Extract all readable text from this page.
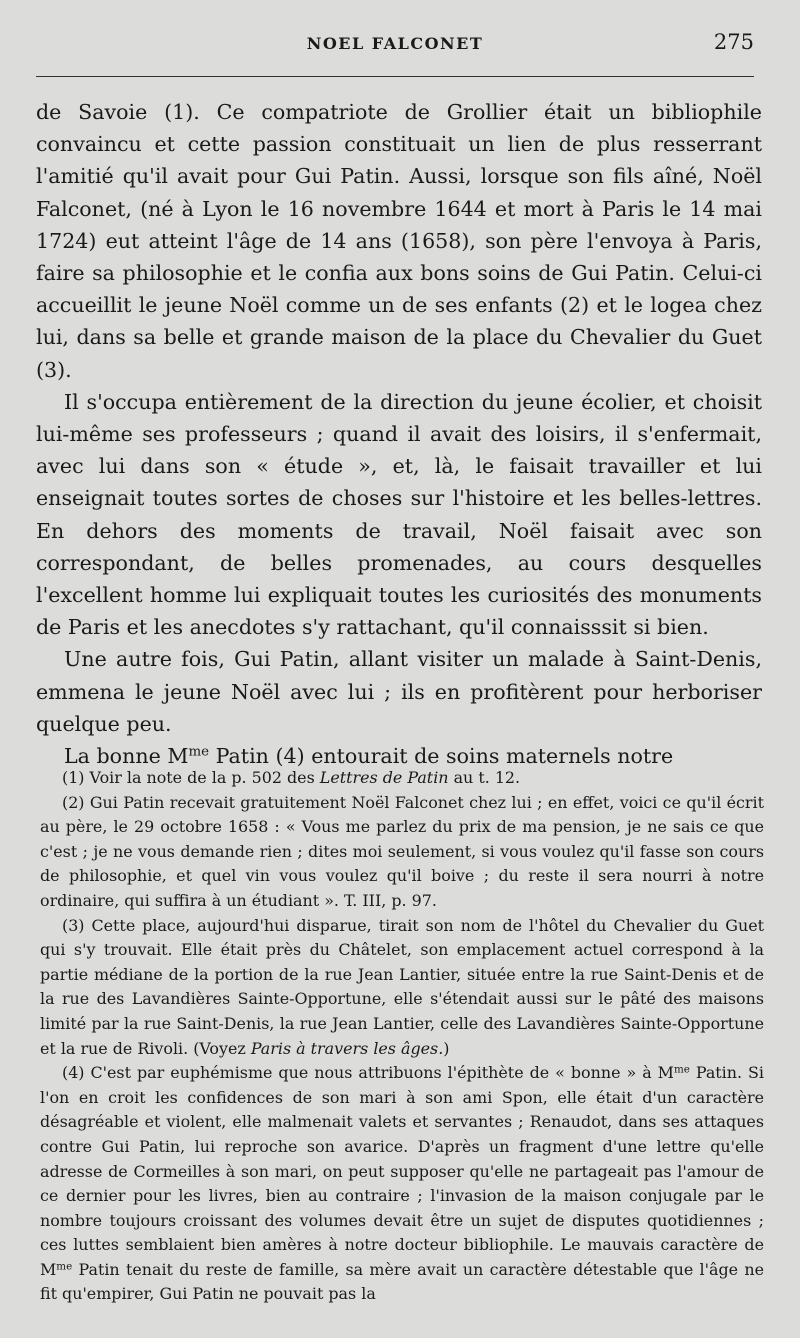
NOEL FALCONET	275

de Savoie (1). Ce compatriote de Grollier était un bibliophile convaincu et cette passion constituait un lien de plus resserrant l'amitié qu'il avait pour Gui Patin. Aussi, lorsque son fils aîné, Noël Falconet, (né à Lyon le 16 novembre 1644 et mort à Paris le 14 mai 1724) eut atteint l'âge de 14 ans (1658), son père l'envoya à Paris, faire sa philosophie et le confia aux bons soins de Gui Patin. Celui-ci accueillit le jeune Noël comme un de ses enfants (2) et le logea chez lui, dans sa belle et grande maison de la place du Chevalier du Guet (3).

Il s'occupa entièrement de la direction du jeune écolier, et choisit lui-même ses professeurs ; quand il avait des loisirs, il s'enfermait, avec lui dans son « étude », et, là, le faisait travailler et lui enseignait toutes sortes de choses sur l'histoire et les belles-lettres. En dehors des moments de travail, Noël faisait avec son correspondant, de belles promenades, au cours desquelles l'excellent homme lui expliquait toutes les curiosités des monuments de Paris et les anecdotes s'y rattachant, qu'il connaisssit si bien.

Une autre fois, Gui Patin, allant visiter un malade à Saint-Denis, emmena le jeune Noël avec lui ; ils en profitèrent pour herboriser quelque peu.

La bonne $M^{me}$ Patin (4) entourait de soins maternels notre

(1) Voir la note de la p. 502 des Lettres de Patin au t. 12.

(2) Gui Patin recevait gratuitement Noël Falconet chez lui ; en effet, voici ce qu'il écrit au père, le 29 octobre 1658 : « Vous me parlez du prix de ma pension, je ne sais ce que c'est ; je ne vous demande rien ; dites moi seulement, si vous voulez qu'il fasse son cours de philosophie, et quel vin vous voulez qu'il boive ; du reste il sera nourri à notre ordinaire, qui suffira à un étudiant ». T. III, p. 97.

(3) Cette place, aujourd'hui disparue, tirait son nom de l'hôtel du Chevalier du Guet qui s'y trouvait. Elle était près du Châtelet, son emplacement actuel correspond à la partie médiane de la portion de la rue Jean Lantier, située entre la rue Saint-Denis et de la rue des Lavandières Sainte-Opportune, elle s'étendait aussi sur le pâté des maisons limité par la rue Saint-Denis, la rue Jean Lantier, celle des Lavandières Sainte-Opportune et la rue de Rivoli. (Voyez Paris à travers les âges.)

(4) C'est par euphémisme que nous attribuons l'épithète de « bonne » à $M^{me}$ Patin. Si l'on en croit les confidences de son mari à son ami Spon, elle était d'un caractère désagréable et violent, elle malmenait valets et servantes ; Renaudot, dans ses attaques contre Gui Patin, lui reproche son avarice. D'après un fragment d'une lettre qu'elle adresse de Cormeilles à son mari, on peut supposer qu'elle ne partageait pas l'amour de ce dernier pour les livres, bien au contraire ; l'invasion de la maison conjugale par le nombre toujours croissant des volumes devait être un sujet de disputes quotidiennes ; ces luttes semblaient bien amères à notre docteur bibliophile. Le mauvais caractère de $M^{me}$ Patin tenait du reste de famille, sa mère avait un caractère détestable que l'âge ne fit qu'empirer, Gui Patin ne pouvait pas la
